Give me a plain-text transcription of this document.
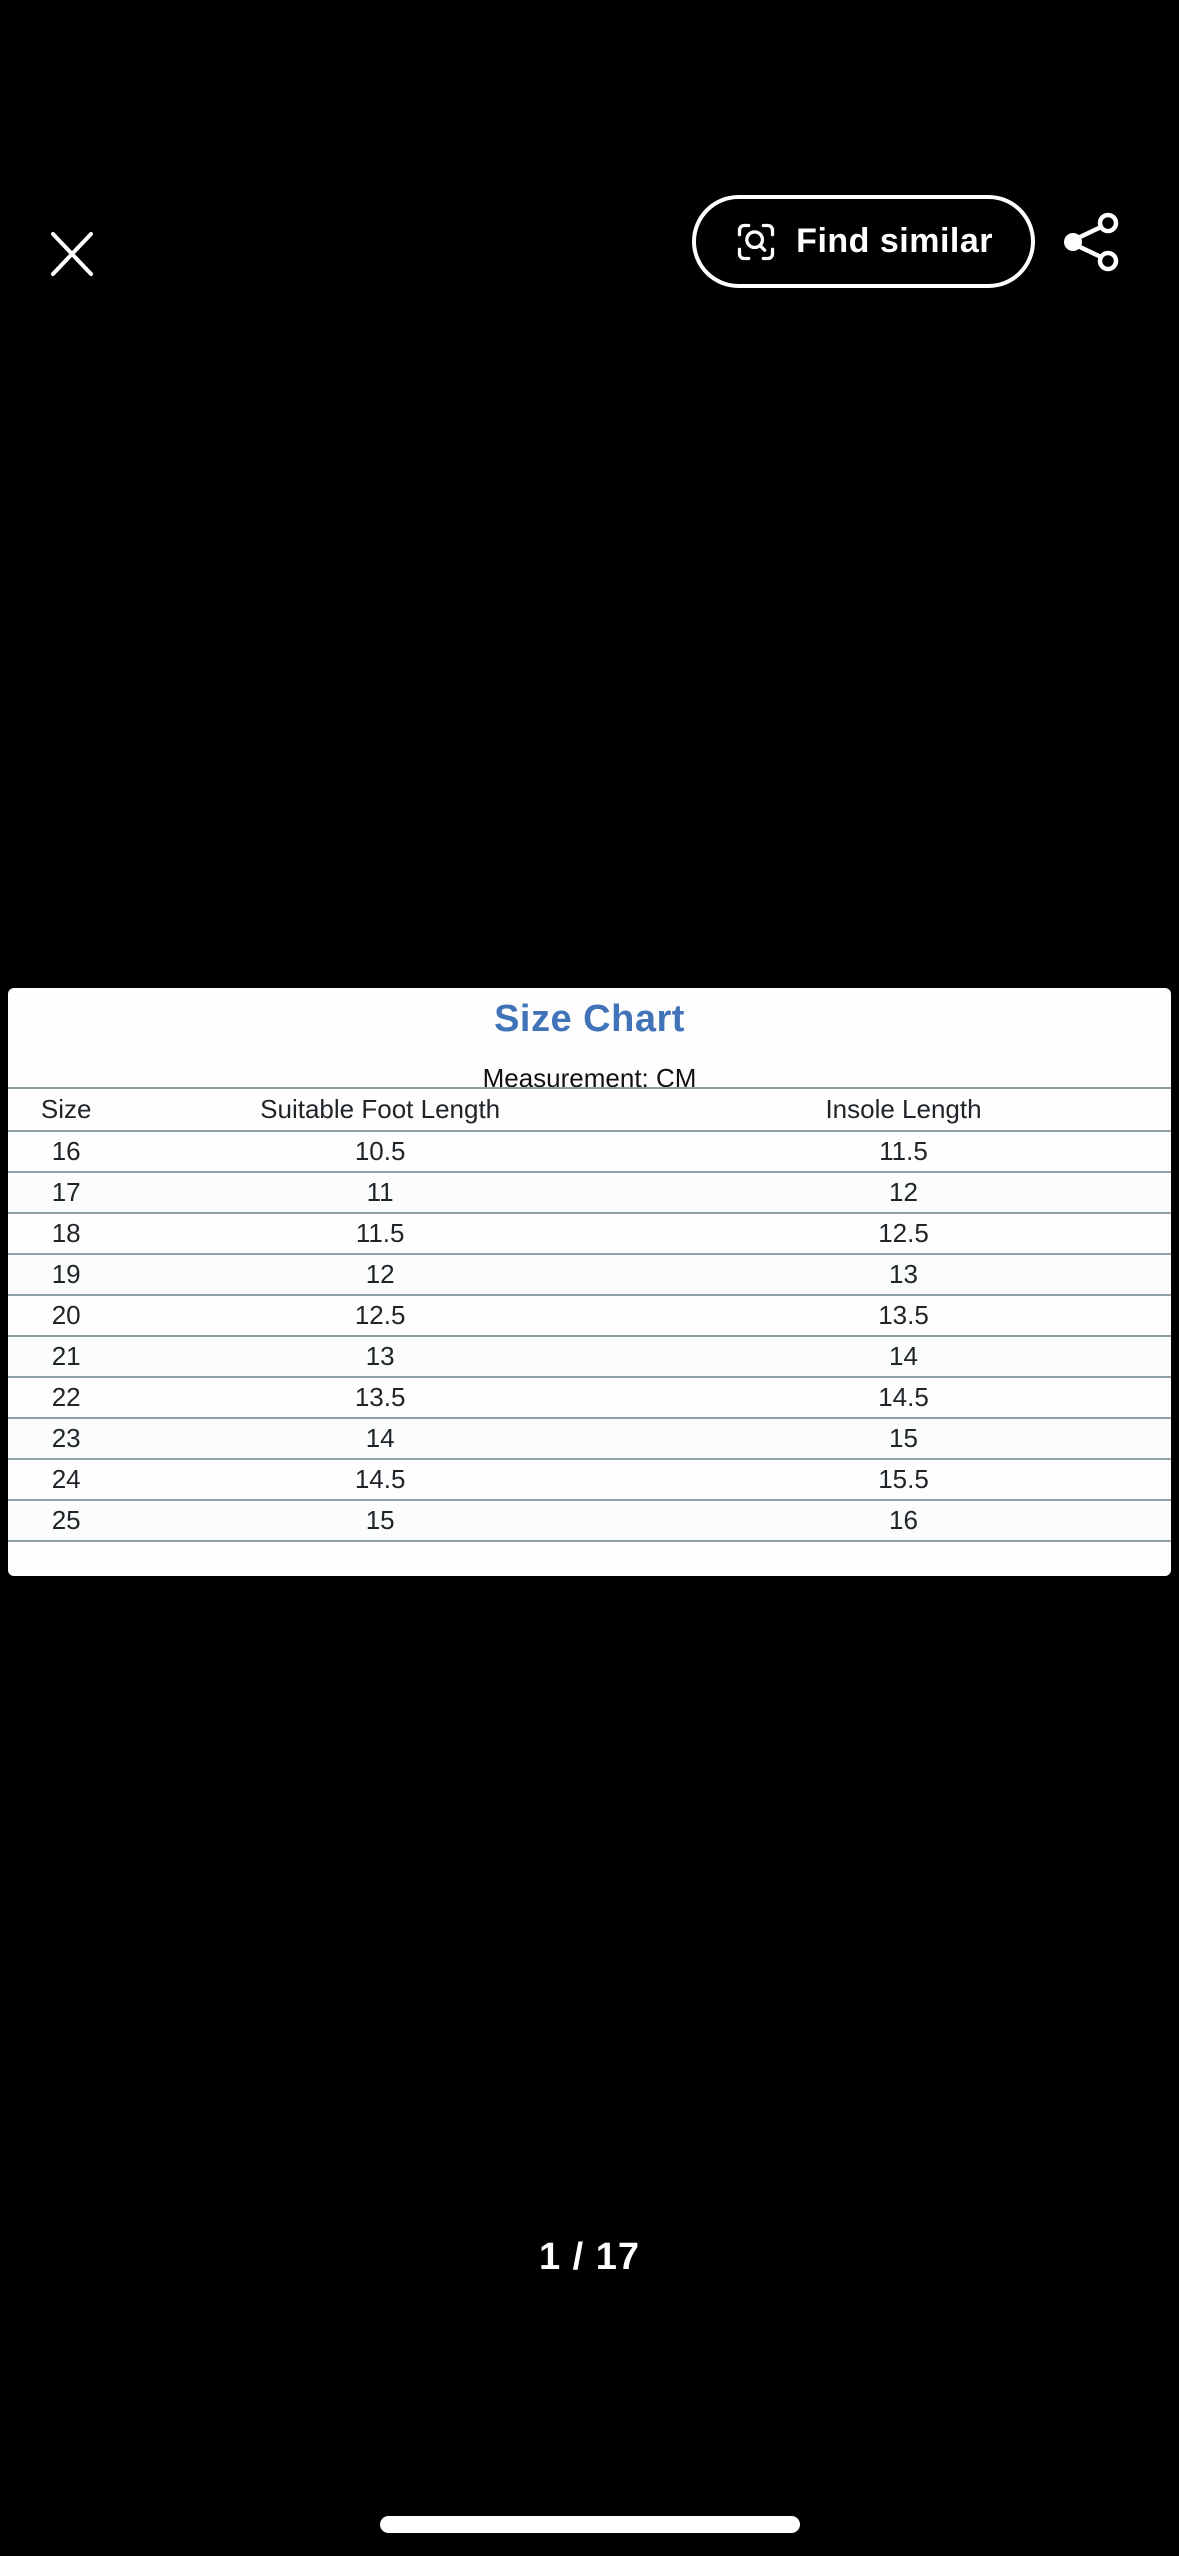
Find similar
Size Chart
Measurement: CM
Size	Suitable Foot Length	Insole Length
16	10.5	11.5
17	11	12
18	11.5	12.5
19	12	13
20	12.5	13.5
21	13	14
22	13.5	14.5
23	14	15
24	14.5	15.5
25	15	16
1 / 17
